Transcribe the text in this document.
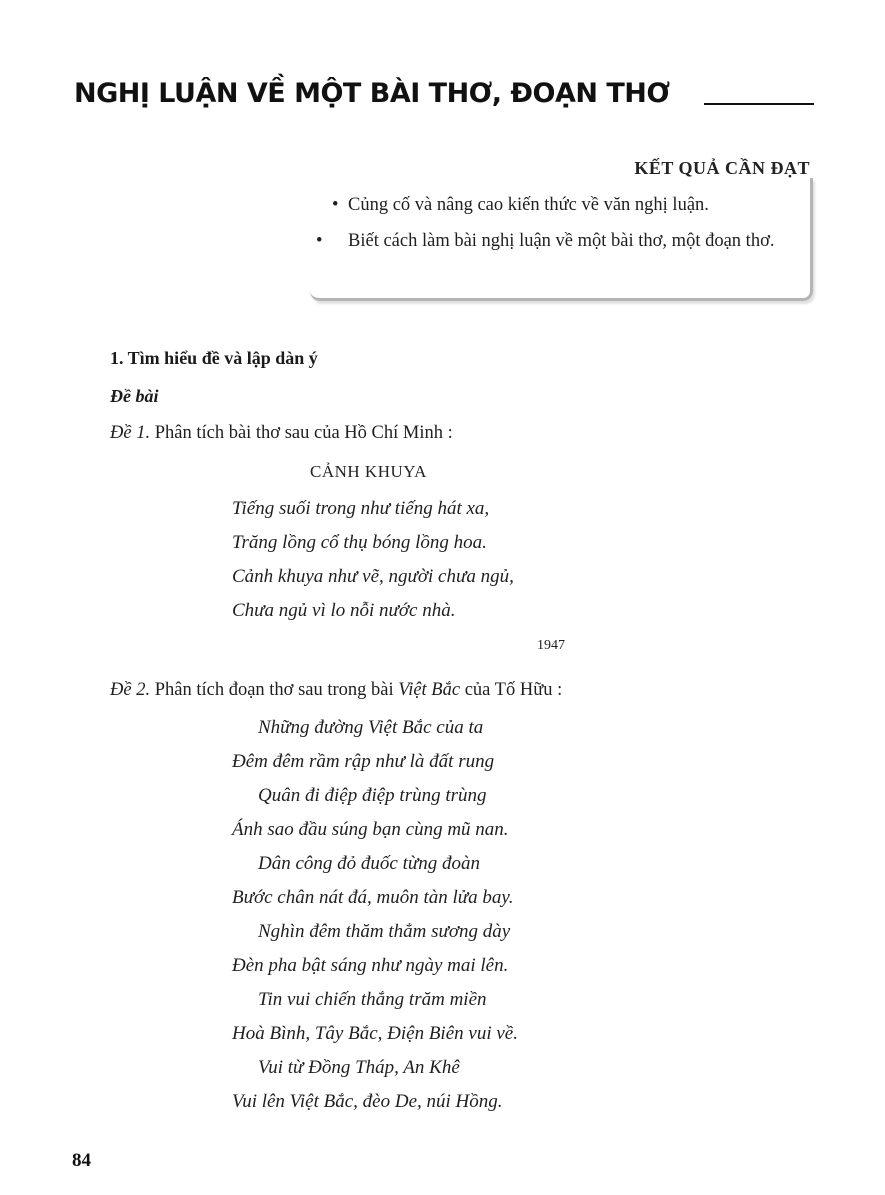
NGHỊ LUẬN VỀ MỘT BÀI THƠ, ĐOẠN THƠ
KẾT QUẢ CẦN ĐẠT
• Củng cố và nâng cao kiến thức về văn nghị luận.
• Biết cách làm bài nghị luận về một bài thơ, một đoạn thơ.
1. Tìm hiểu đề và lập dàn ý
Đề bài
Đề 1. Phân tích bài thơ sau của Hồ Chí Minh :
CẢNH KHUYA

Tiếng suối trong như tiếng hát xa,

Trăng lồng cổ thụ bóng lồng hoa.

Cảnh khuya như vẽ, người chưa ngủ,

Chưa ngủ vì lo nỗi nước nhà.

1947
Đề 2. Phân tích đoạn thơ sau trong bài Việt Bắc của Tố Hữu :

Những đường Việt Bắc của ta

Đêm đêm rầm rập như là đất rung

Quân đi điệp điệp trùng trùng

Ánh sao đầu súng bạn cùng mũ nan.

Dân công đỏ đuốc từng đoàn

Bước chân nát đá, muôn tàn lửa bay.

Nghìn đêm thăm thẳm sương dày

Đèn pha bật sáng như ngày mai lên.

Tin vui chiến thắng trăm miền

Hoà Bình, Tây Bắc, Điện Biên vui về.

Vui từ Đồng Tháp, An Khê

Vui lên Việt Bắc, đèo De, núi Hồng.

84
